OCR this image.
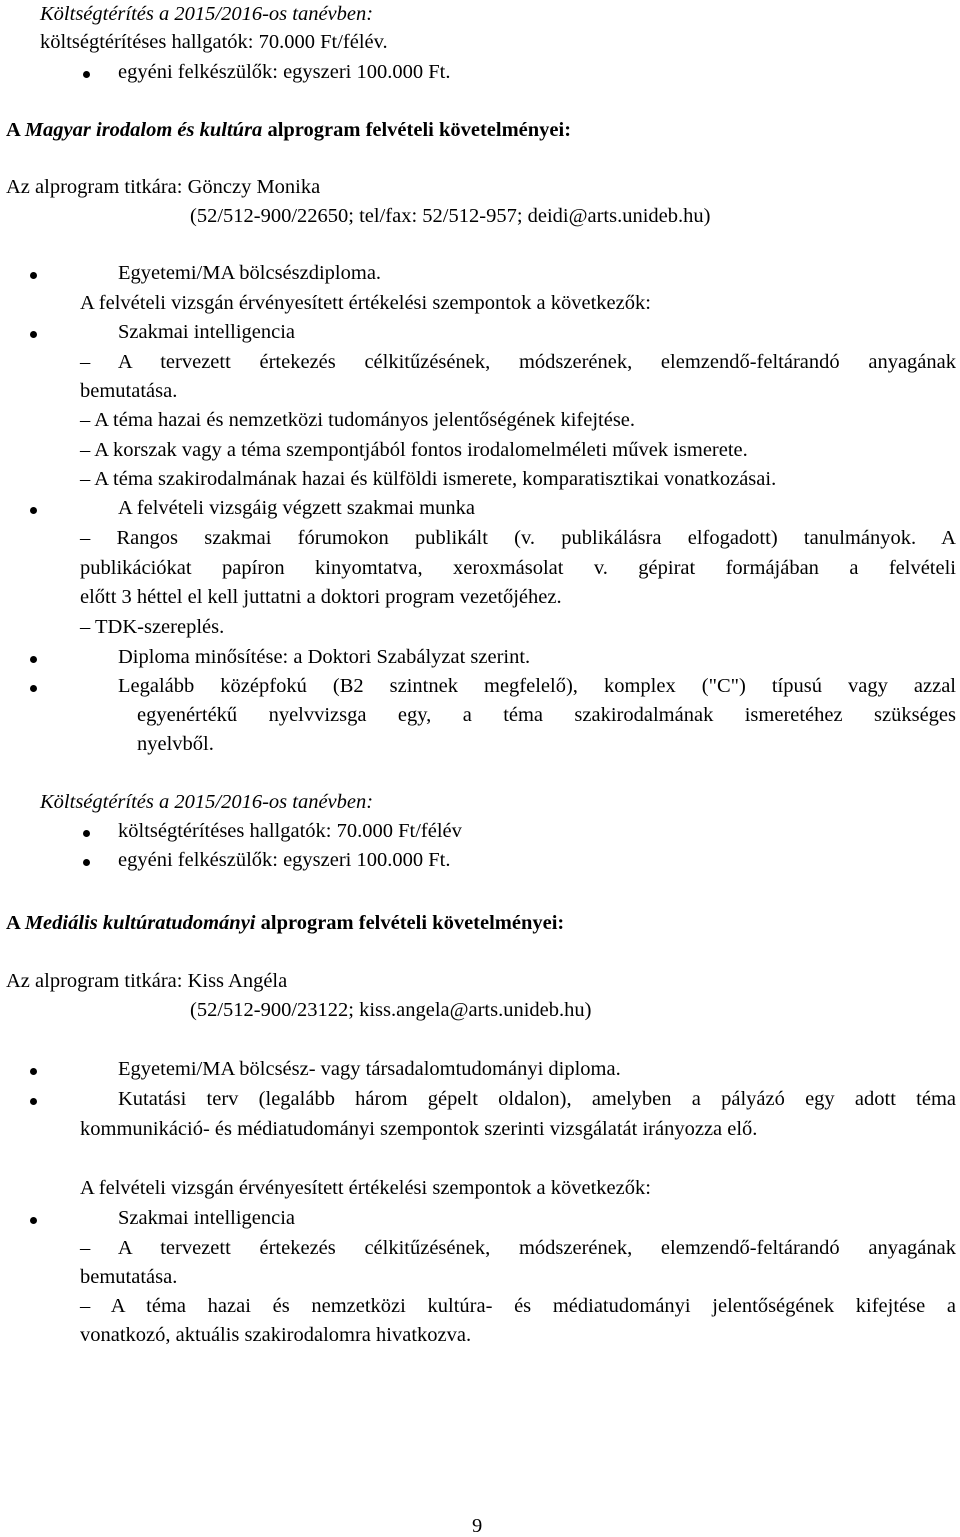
Költségtérítés a 2015/2016-os tanévben:
költségtérítéses hallgatók: 70.000 Ft/félév.
egyéni felkészülők: egyszeri 100.000 Ft.
A Magyar irodalom és kultúra alprogram felvételi követelményei:
Az alprogram titkára: Gönczy Monika
(52/512-900/22650; tel/fax: 52/512-957; deidi@arts.unideb.hu)
Egyetemi/MA bölcsészdiploma.
A felvételi vizsgán érvényesített értékelési szempontok a következők:
Szakmai intelligencia
– A tervezett értekezés célkitűzésének, módszerének, elemzendő-feltárandó anyagának
bemutatása.
– A téma hazai és nemzetközi tudományos jelentőségének kifejtése.
– A korszak vagy a téma szempontjából fontos irodalomelméleti művek ismerete.
– A téma szakirodalmának hazai és külföldi ismerete, komparatisztikai vonatkozásai.
A felvételi vizsgáig végzett szakmai munka
– Rangos szakmai fórumokon publikált (v. publikálásra elfogadott) tanulmányok. A
publikációkat papíron kinyomtatva, xeroxmásolat v. gépirat formájában a felvételi
előtt 3 héttel el kell juttatni a doktori program vezetőjéhez.
– TDK-szereplés.
Diploma minősítése: a Doktori Szabályzat szerint.
Legalább középfokú (B2 szintnek megfelelő), komplex ("C") típusú vagy azzal
egyenértékű nyelvvizsga egy, a téma szakirodalmának ismeretéhez szükséges
nyelvből.
Költségtérítés a 2015/2016-os tanévben:
költségtérítéses hallgatók: 70.000 Ft/félév
egyéni felkészülők: egyszeri 100.000 Ft.
A Mediális kultúratudományi alprogram felvételi követelményei:
Az alprogram titkára: Kiss Angéla
(52/512-900/23122; kiss.angela@arts.unideb.hu)
Egyetemi/MA bölcsész- vagy társadalomtudományi diploma.
Kutatási terv (legalább három gépelt oldalon), amelyben a pályázó egy adott téma
kommunikáció- és médiatudományi szempontok szerinti vizsgálatát irányozza elő.
A felvételi vizsgán érvényesített értékelési szempontok a következők:
Szakmai intelligencia
– A tervezett értekezés célkitűzésének, módszerének, elemzendő-feltárandó anyagának
bemutatása.
– A téma hazai és nemzetközi kultúra- és médiatudományi jelentőségének kifejtése a
vonatkozó, aktuális szakirodalomra hivatkozva.
9
